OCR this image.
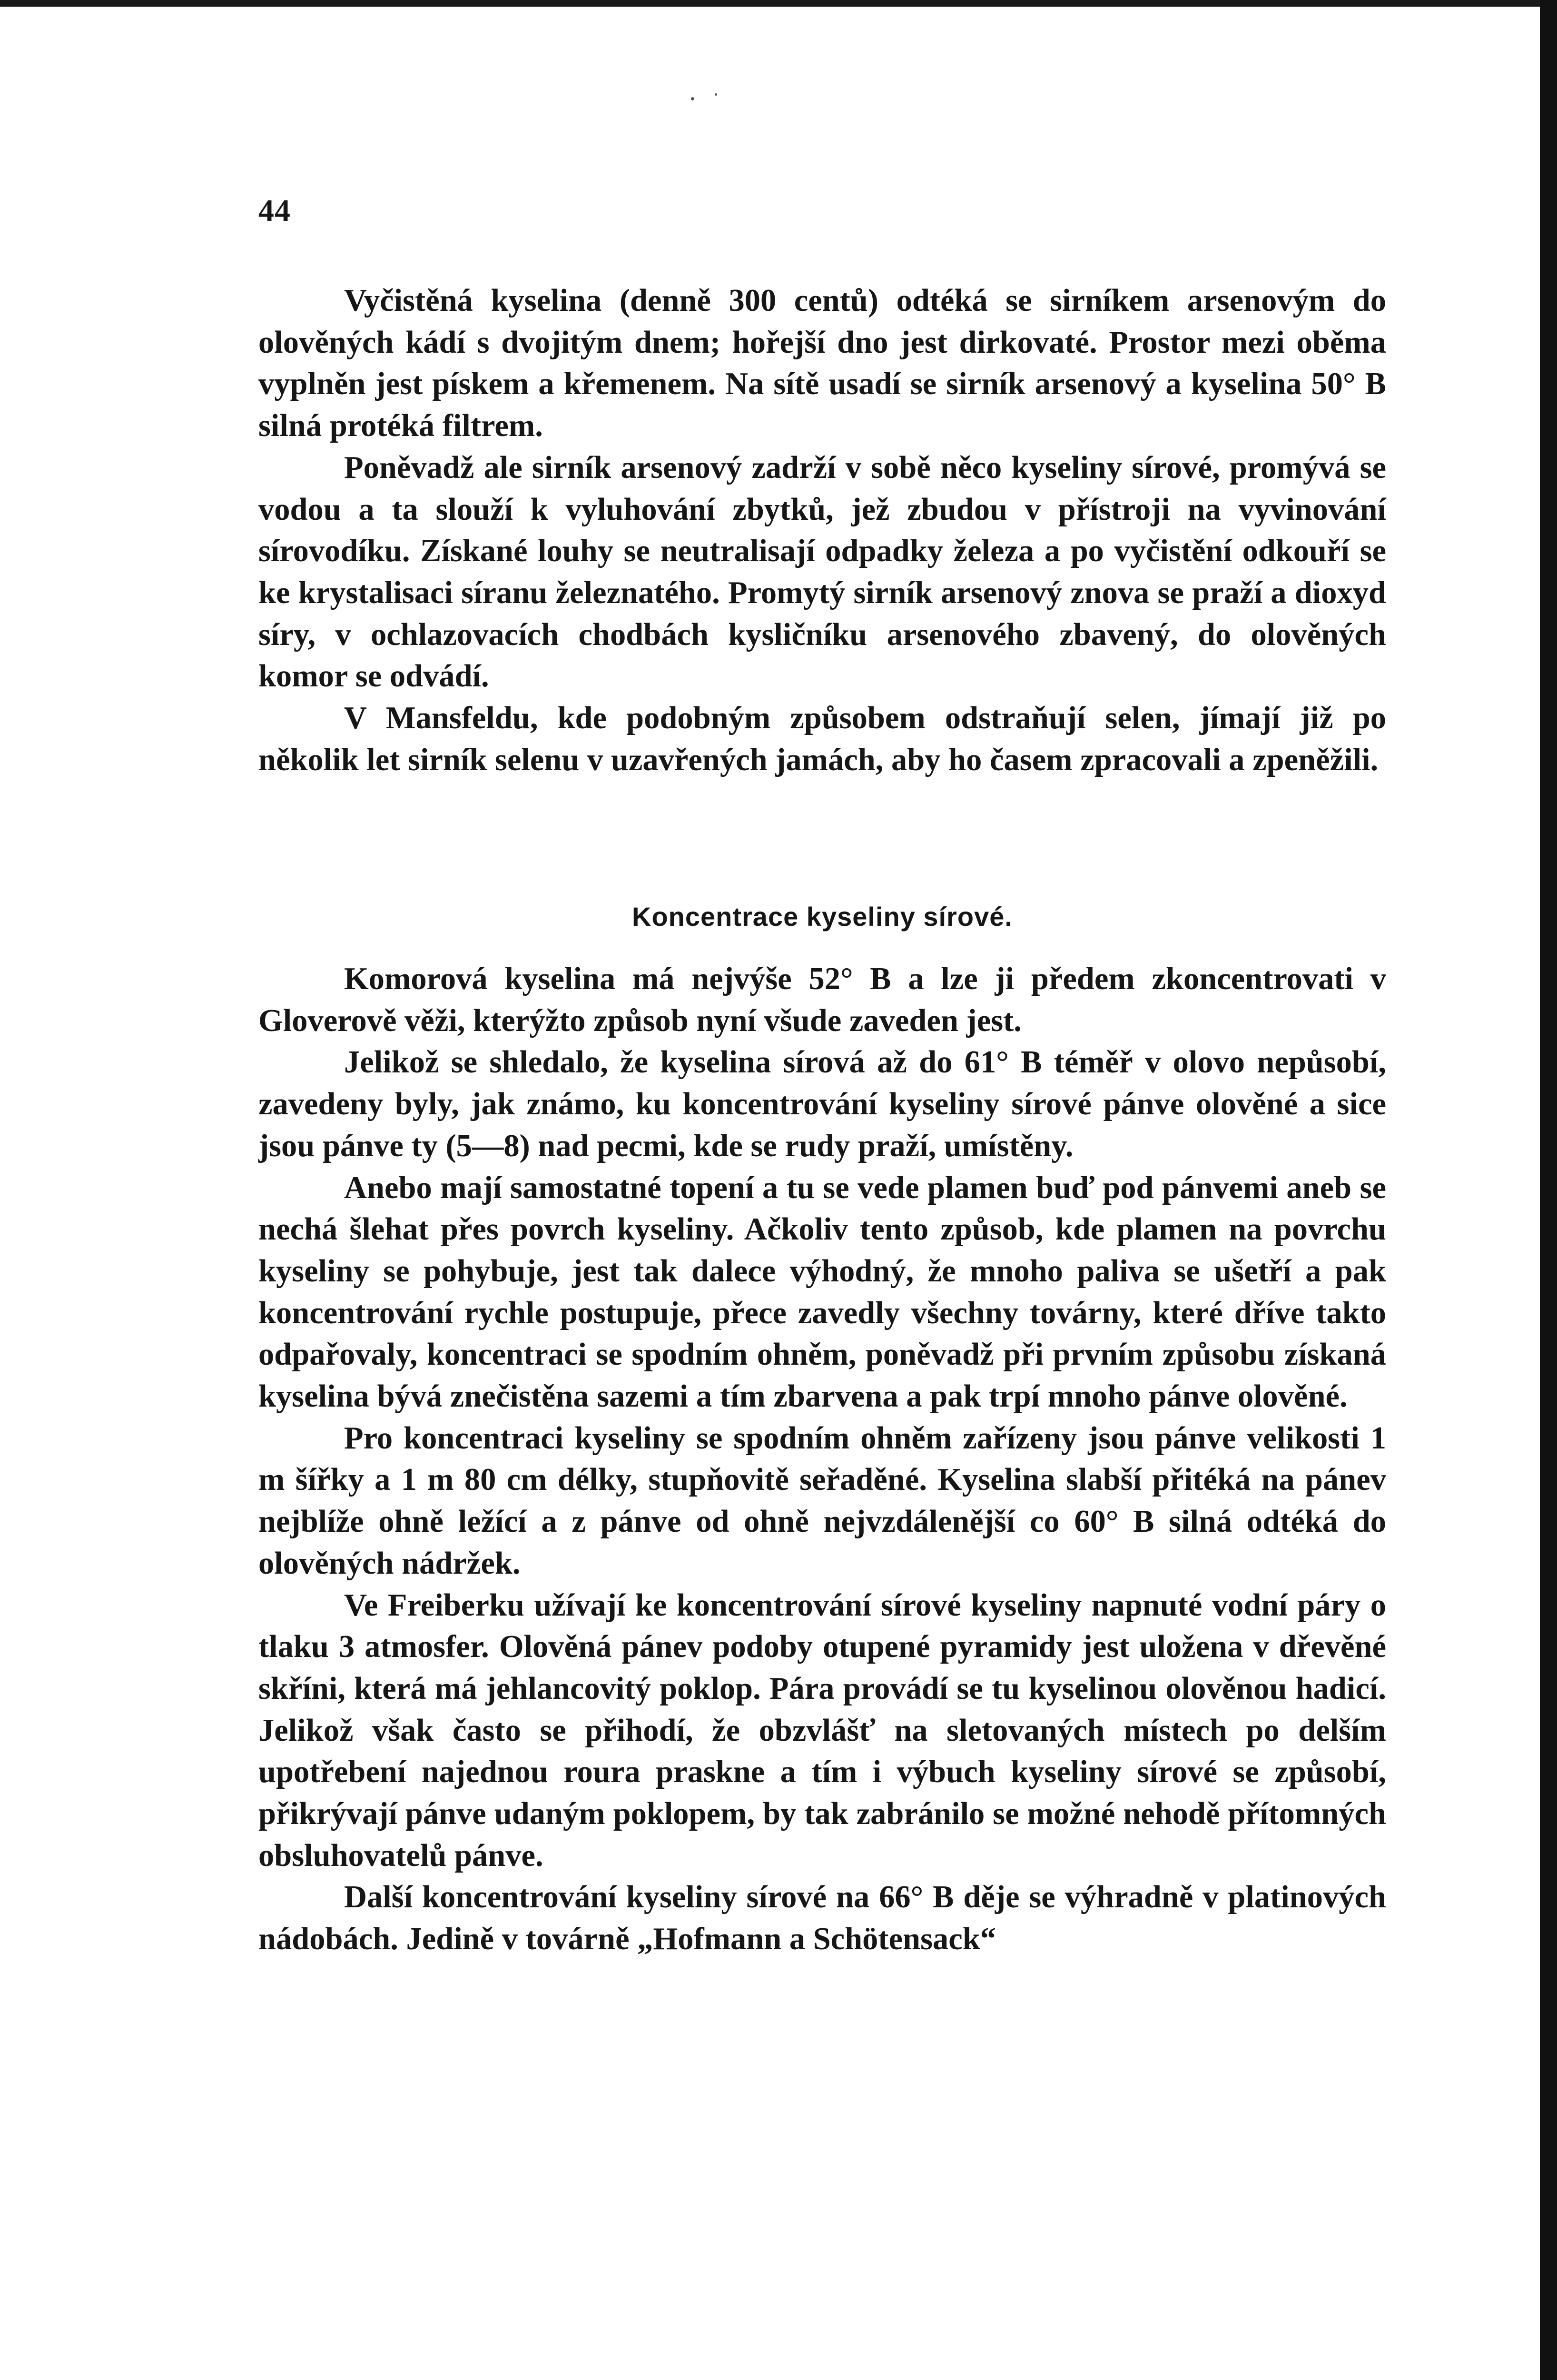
44

Vyčistěná kyselina (denně 300 centů) odtéká se sirníkem arsenovým do olověných kádí s dvojitým dnem; hořejší dno jest dirkovaté. Prostor mezi oběma vyplněn jest pískem a křemenem. Na sítě usadí se sirník arsenový a kyselina 50° B silná protéká filtrem.

Poněvadž ale sirník arsenový zadrží v sobě něco kyseliny sírové, promývá se vodou a ta slouží k vyluhování zbytků, jež zbudou v přístroji na vyvinování sírovodíku. Získané louhy se neutralisají odpadky železa a po vyčistění odkouří se ke krystalisaci síranu železnatého. Promytý sirník arsenový znova se praží a dioxyd síry, v ochlazovacích chodbách kysličníku arsenového zbavený, do olověných komor se odvádí.

V Mansfeldu, kde podobným způsobem odstraňují selen, jímají již po několik let sirník selenu v uzavřených jamách, aby ho časem zpracovali a zpeněžili.

Koncentrace kyseliny sírové.

Komorová kyselina má nejvýše 52° B a lze ji předem zkoncentrovati v Gloverově věži, kterýžto způsob nyní všude zaveden jest.

Jelikož se shledalo, že kyselina sírová až do 61° B téměř v olovo nepůsobí, zavedeny byly, jak známo, ku koncentrování kyseliny sírové pánve olověné a sice jsou pánve ty (5—8) nad pecmi, kde se rudy praží, umístěny.

Anebo mají samostatné topení a tu se vede plamen buď pod pánvemi aneb se nechá šlehat přes povrch kyseliny. Ačkoliv tento způsob, kde plamen na povrchu kyseliny se pohybuje, jest tak dalece výhodný, že mnoho paliva se ušetří a pak koncentrování rychle postupuje, přece zavedly všechny továrny, které dříve takto odpařovaly, koncentraci se spodním ohněm, poněvadž při prvním způsobu získaná kyselina bývá znečistěna sazemi a tím zbarvena a pak trpí mnoho pánve olověné.

Pro koncentraci kyseliny se spodním ohněm zařízeny jsou pánve velikosti 1 m šířky a 1 m 80 cm délky, stupňovitě seřaděné. Kyselina slabší přitéká na pánev nejblíže ohně ležící a z pánve od ohně nejvzdálenější co 60° B silná odtéká do olověných nádržek.

Ve Freiberku užívají ke koncentrování sírové kyseliny napnuté vodní páry o tlaku 3 atmosfer. Olověná pánev podoby otupené pyramidy jest uložena v dřevěné skříni, která má jehlancovitý poklop. Pára provádí se tu kyselinou olověnou hadicí. Jelikož však často se přihodí, že obzvlášť na sletovaných místech po delším upotřebení najednou roura praskne a tím i výbuch kyseliny sírové se způsobí, přikrývají pánve udaným poklopem, by tak zabránilo se možné nehodě přítomných obsluhovatelů pánve.

Další koncentrování kyseliny sírové na 66° B děje se výhradně v platinových nádobách. Jedině v továrně „Hofmann a Schötensack“
